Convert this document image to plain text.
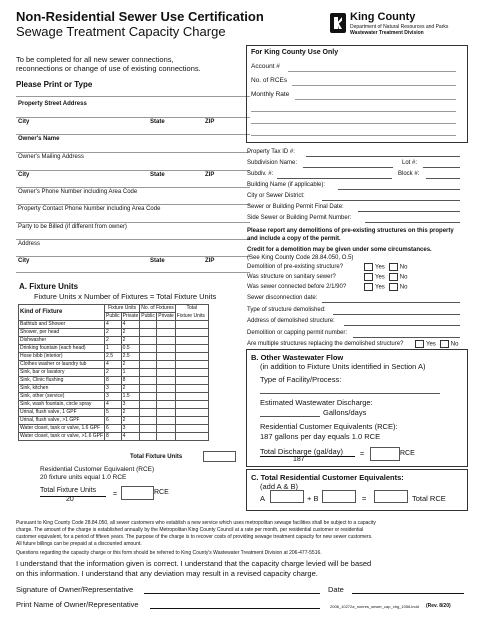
Non-Residential Sewer Use Certification
Sewage Treatment Capacity Charge
King County
Department of Natural Resources and Parks
Wastewater Treatment Division
To be completed for all new sewer connections,
reconnections or change of use of existing connections.
Please Print or Type
Property Street Address
City	State	ZIP
Owner's Name
Owner's Mailing Address
City	State	ZIP
Owner's Phone Number including Area Code
Property Contact Phone Number including Area Code
Party to be Billed (if different from owner)
Address
City	State	ZIP
A. Fixture Units
Fixture Units x Number of Fixtures = Total Fixture Units
Kind of Fixture	Fixture Units		No. of Fixtures		Total
	Public	Private	Public	Private	Fixture Units
Bathtub and Shower	4	4			
Shower, per head	2	2			
Dishwasher	2	2			
Drinking fountain (each head)	1	0.5			
Hose bibb (interior)	2.5	2.5			
Clothes washer or laundry tub	4	2			
Sink, bar or lavatory	2	1			
Sink, Clinic flushing	8	8			
Sink, kitchen	3	2			
Sink, other (service)	3	1.5			
Sink, wash fountain, circle spray	4	3			
Urinal, flush valve, 1 GPF	5	2			
Urinal, flush valve, >1 GPF	6	2			
Water closet, tank or valve, 1.6 GPF	6	3			
Water closet, tank or valve, >1.6 GPF	8	4			
Total Fixture Units
Residential Customer Equivalent (RCE)
20 fixture units equal 1.0 RCE
Total Fixture Units
20
=	RCE
For King County Use Only
Account #
No. of RCEs
Monthly Rate
Property Tax ID #:
Subdivision Name:	Lot #:
Subdiv. #:	Block #:
Building Name (if applicable):
City or Sewer District:
Sewer or Building Permit Final Date:
Side Sewer or Building Permit Number:
Please report any demolitions of pre-existing structures on this property
and include a copy of the permit.
Credit for a demolition may be given under some circumstances.
(See King County Code 28.84.050, O.5)
Demolition of pre-existing structure?	Yes	No
Was structure on sanitary sewer?	Yes	No
Was sewer connected before 2/1/90?	Yes	No
Sewer disconnection date:
Type of structure demolished:
Address of demolished structure:
Demolition or capping permit number:
Are multiple structures replacing the demolished structure?	Yes	No
B. Other Wastewater Flow
(in addition to Fixture Units identified in Section A)
Type of Facility/Process:
Estimated Wastewater Discharge:
Gallons/days
Residential Customer Equivalents (RCE):
187 gallons per day equals 1.0 RCE
Total Discharge (gal/day)
187
=	RCE
C. Total Residential Customer Equivalents:
(add A & B)
A	+ B	=	Total RCE
Pursuant to King County Code 28.84.050, all sewer customers who establish a new service which uses metropolitan sewage facilities shall be subject to a capacity
charge. The amount of the charge is established annually by the Metropolitan King County Council at a rate per month, per residential customer or residential
customer equivalent, for a period of fifteen years. The purpose of the charge is to recover costs of providing sewage treatment capacity for new sewer customers.
All future billings can be prepaid at a discounted amount.
Questions regarding the capacity charge or this form should be referred to King County's Wastewater Treatment Division at 206-477-5516.
I understand that the information given is correct. I understand that the capacity charge levied will be based
on this information. I understand that any deviation may result in a revised capacity charge.
Signature of Owner/Representative	Date
Print Name of Owner/Representative	2008_10272a_nonres_sewer_cap_chg_1056.indd (Rev. 8/20)
